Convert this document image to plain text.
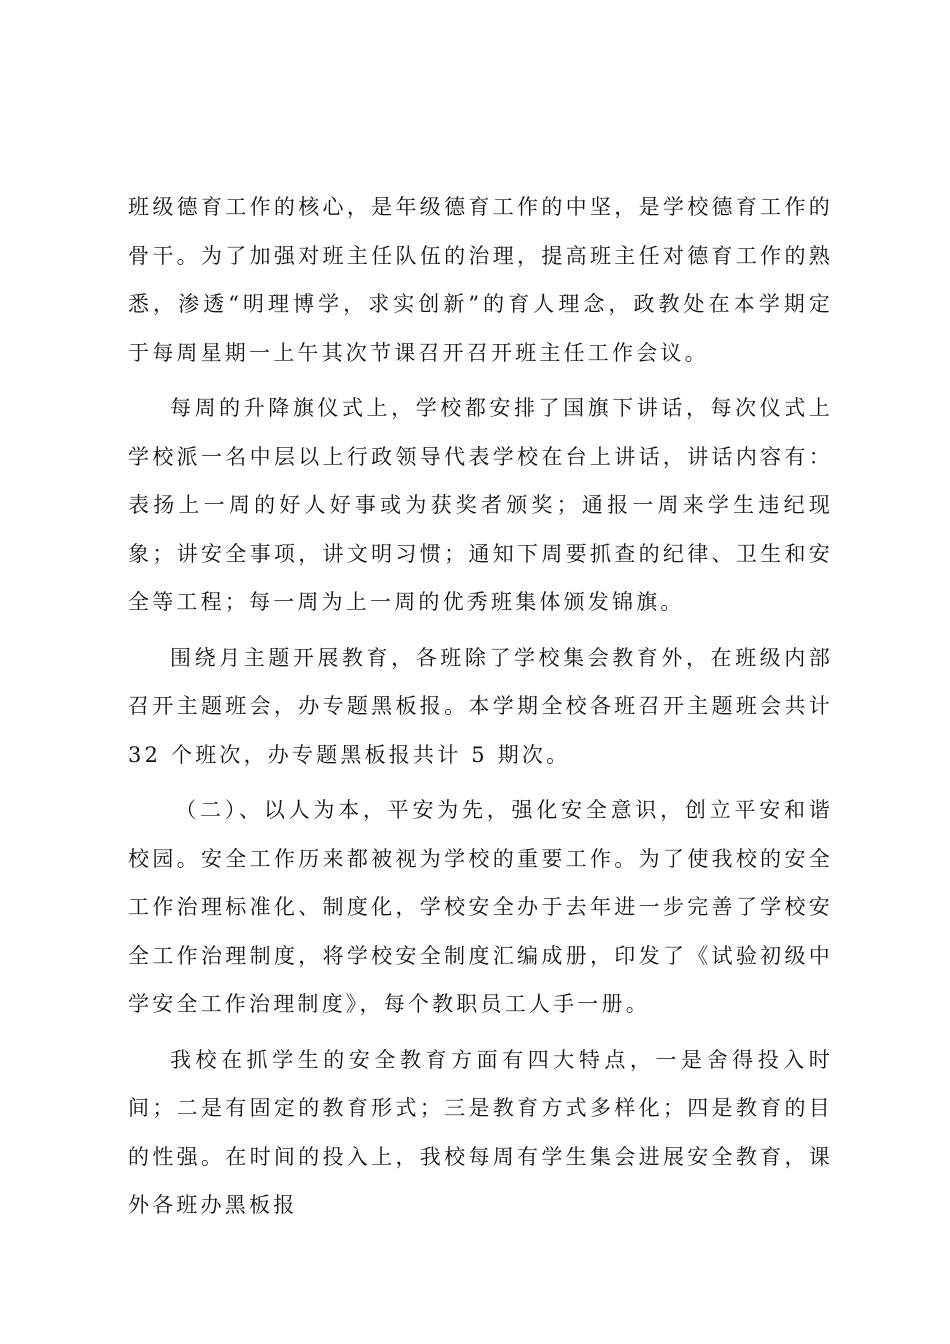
班级德育工作的核心，是年级德育工作的中坚，是学校德育工作的骨干。为了加强对班主任队伍的治理，提高班主任对德育工作的熟悉，渗透“明理博学，求实创新”的育人理念，政教处在本学期定于每周星期一上午其次节课召开召开班主任工作会议。

每周的升降旗仪式上，学校都安排了国旗下讲话，每次仪式上学校派一名中层以上行政领导代表学校在台上讲话，讲话内容有：表扬上一周的好人好事或为获奖者颁奖；通报一周来学生违纪现象；讲安全事项，讲文明习惯；通知下周要抓查的纪律、卫生和安全等工程；每一周为上一周的优秀班集体颁发锦旗。

围绕月主题开展教育，各班除了学校集会教育外，在班级内部召开主题班会，办专题黑板报。本学期全校各班召开主题班会共计 32 个班次，办专题黑板报共计 5 期次。

（二）、以人为本，平安为先，强化安全意识，创立平安和谐校园。安全工作历来都被视为学校的重要工作。为了使我校的安全工作治理标准化、制度化，学校安全办于去年进一步完善了学校安全工作治理制度，将学校安全制度汇编成册，印发了《试验初级中学安全工作治理制度》，每个教职员工人手一册。

我校在抓学生的安全教育方面有四大特点，一是舍得投入时间；二是有固定的教育形式；三是教育方式多样化；四是教育的目的性强。在时间的投入上，我校每周有学生集会进展安全教育，课外各班办黑板报
